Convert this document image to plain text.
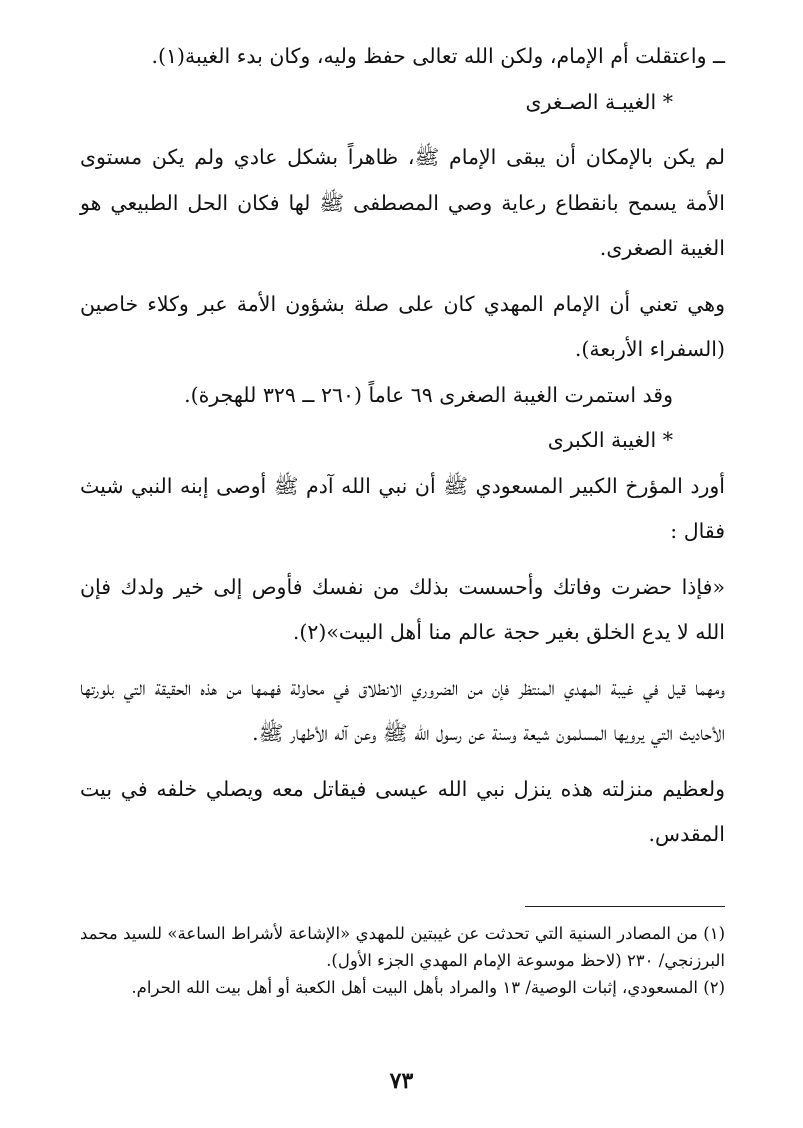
ــ واعتقلت أم الإمام، ولكن الله تعالى حفظ وليه، وكان بدء الغيبة(١).

* الغيبـة الصـغرى

لم يكن بالإمكان أن يبقى الإمام ﷺ، ظاهراً بشكل عادي ولم يكن مستوى الأمة يسمح بانقطاع رعاية وصي المصطفى ﷺ لها فكان الحل الطبيعي هو الغيبة الصغرى.

وهي تعني أن الإمام المهدي كان على صلة بشؤون الأمة عبر وكلاء خاصين (السفراء الأربعة).

وقد استمرت الغيبة الصغرى ٦٩ عاماً (٢٦٠ ــ ٣٢٩ للهجرة).

* الغيبة الكبرى

أورد المؤرخ الكبير المسعودي ﷺ أن نبي الله آدم ﷺ أوصى إبنه النبي شيث فقال :

«فإذا حضرت وفاتك وأحسست بذلك من نفسك فأوص إلى خير ولدك فإن الله لا يدع الخلق بغير حجة عالم منا أهل البيت»(٢).

ومهما قيل في غيبة المهدي المنتظر فإن من الضروري الانطلاق في محاولة فهمها من هذه الحقيقة التي بلورتها الأحاديث التي يرويها المسلمون شيعة وسنة عن رسول الله ﷺ وعن آله الأطهار ﷺ.

ولعظيم منزلته هذه ينزل نبي الله عيسى فيقاتل معه ويصلي خلفه في بيت المقدس.

(١) من المصادر السنية التي تحدثت عن غيبتين للمهدي «الإشاعة لأشراط الساعة» للسيد محمد البرزنجي/ ٢٣٠ (لاحظ موسوعة الإمام المهدي الجزء الأول).

(٢) المسعودي، إثبات الوصية/ ١٣ والمراد بأهل البيت أهل الكعبة أو أهل بيت الله الحرام.

٧٣
